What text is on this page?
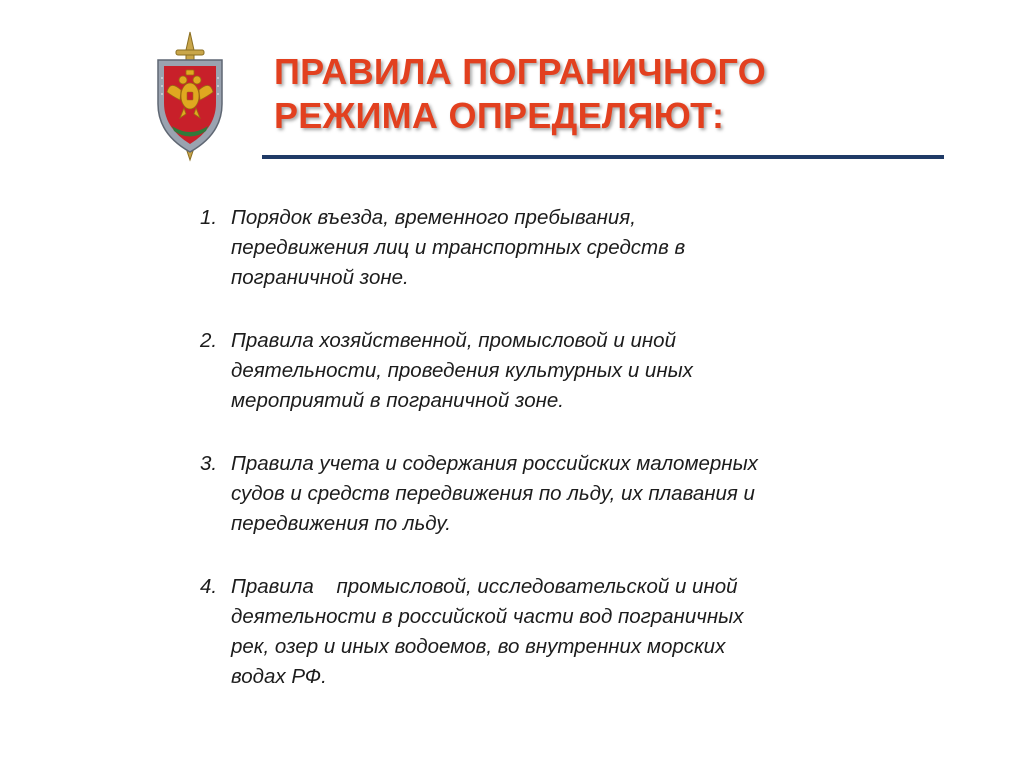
ПРАВИЛА ПОГРАНИЧНОГО
РЕЖИМА ОПРЕДЕЛЯЮТ:
1. Порядок въезда, временного пребывания,
передвижения лиц и транспортных средств в
пограничной зоне.
2. Правила хозяйственной, промысловой и иной
деятельности, проведения культурных и иных
мероприятий в пограничной зоне.
3. Правила учета и содержания российских маломерных
судов и средств передвижения по льду, их плавания и
передвижения по льду.
4. Правила    промысловой, исследовательской и иной
деятельности в российской части вод пограничных
рек, озер и иных водоемов, во внутренних морских
водах РФ.
